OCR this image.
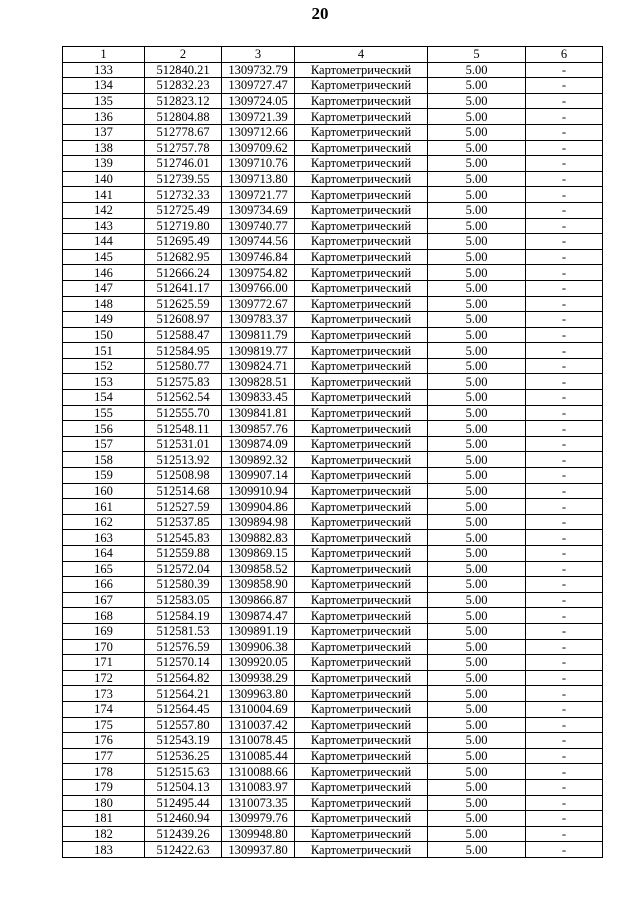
20
1	2	3	4	5	6
133	512840.21	1309732.79	Картометрический	5.00	-
134	512832.23	1309727.47	Картометрический	5.00	-
135	512823.12	1309724.05	Картометрический	5.00	-
136	512804.88	1309721.39	Картометрический	5.00	-
137	512778.67	1309712.66	Картометрический	5.00	-
138	512757.78	1309709.62	Картометрический	5.00	-
139	512746.01	1309710.76	Картометрический	5.00	-
140	512739.55	1309713.80	Картометрический	5.00	-
141	512732.33	1309721.77	Картометрический	5.00	-
142	512725.49	1309734.69	Картометрический	5.00	-
143	512719.80	1309740.77	Картометрический	5.00	-
144	512695.49	1309744.56	Картометрический	5.00	-
145	512682.95	1309746.84	Картометрический	5.00	-
146	512666.24	1309754.82	Картометрический	5.00	-
147	512641.17	1309766.00	Картометрический	5.00	-
148	512625.59	1309772.67	Картометрический	5.00	-
149	512608.97	1309783.37	Картометрический	5.00	-
150	512588.47	1309811.79	Картометрический	5.00	-
151	512584.95	1309819.77	Картометрический	5.00	-
152	512580.77	1309824.71	Картометрический	5.00	-
153	512575.83	1309828.51	Картометрический	5.00	-
154	512562.54	1309833.45	Картометрический	5.00	-
155	512555.70	1309841.81	Картометрический	5.00	-
156	512548.11	1309857.76	Картометрический	5.00	-
157	512531.01	1309874.09	Картометрический	5.00	-
158	512513.92	1309892.32	Картометрический	5.00	-
159	512508.98	1309907.14	Картометрический	5.00	-
160	512514.68	1309910.94	Картометрический	5.00	-
161	512527.59	1309904.86	Картометрический	5.00	-
162	512537.85	1309894.98	Картометрический	5.00	-
163	512545.83	1309882.83	Картометрический	5.00	-
164	512559.88	1309869.15	Картометрический	5.00	-
165	512572.04	1309858.52	Картометрический	5.00	-
166	512580.39	1309858.90	Картометрический	5.00	-
167	512583.05	1309866.87	Картометрический	5.00	-
168	512584.19	1309874.47	Картометрический	5.00	-
169	512581.53	1309891.19	Картометрический	5.00	-
170	512576.59	1309906.38	Картометрический	5.00	-
171	512570.14	1309920.05	Картометрический	5.00	-
172	512564.82	1309938.29	Картометрический	5.00	-
173	512564.21	1309963.80	Картометрический	5.00	-
174	512564.45	1310004.69	Картометрический	5.00	-
175	512557.80	1310037.42	Картометрический	5.00	-
176	512543.19	1310078.45	Картометрический	5.00	-
177	512536.25	1310085.44	Картометрический	5.00	-
178	512515.63	1310088.66	Картометрический	5.00	-
179	512504.13	1310083.97	Картометрический	5.00	-
180	512495.44	1310073.35	Картометрический	5.00	-
181	512460.94	1309979.76	Картометрический	5.00	-
182	512439.26	1309948.80	Картометрический	5.00	-
183	512422.63	1309937.80	Картометрический	5.00	-
